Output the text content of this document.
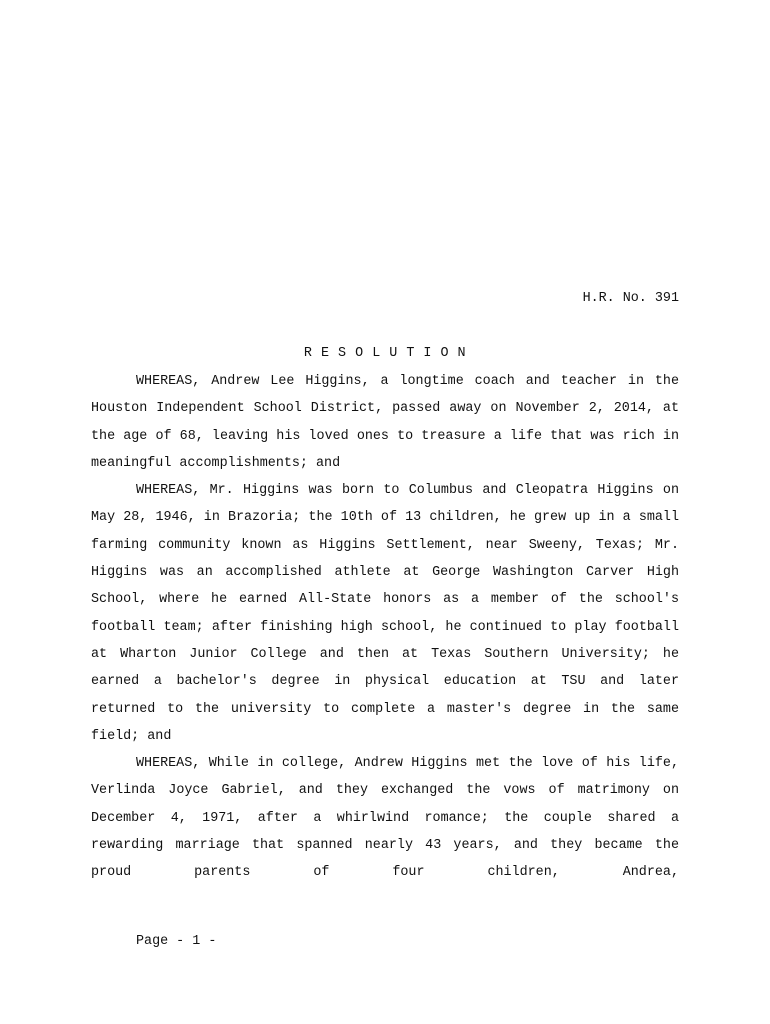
H.R. No. 391
R E S O L U T I O N

WHEREAS, Andrew Lee Higgins, a longtime coach and teacher in the Houston Independent School District, passed away on November 2, 2014, at the age of 68, leaving his loved ones to treasure a life that was rich in meaningful accomplishments; and

WHEREAS, Mr. Higgins was born to Columbus and Cleopatra Higgins on May 28, 1946, in Brazoria; the 10th of 13 children, he grew up in a small farming community known as Higgins Settlement, near Sweeny, Texas; Mr. Higgins was an accomplished athlete at George Washington Carver High School, where he earned All-State honors as a member of the school's football team; after finishing high school, he continued to play football at Wharton Junior College and then at Texas Southern University; he earned a bachelor's degree in physical education at TSU and later returned to the university to complete a master's degree in the same field; and

WHEREAS, While in college, Andrew Higgins met the love of his life, Verlinda Joyce Gabriel, and they exchanged the vows of matrimony on December 4, 1971, after a whirlwind romance; the couple shared a rewarding marriage that spanned nearly 43 years, and they became the proud parents of four children, Andrea,

Page - 1 -
